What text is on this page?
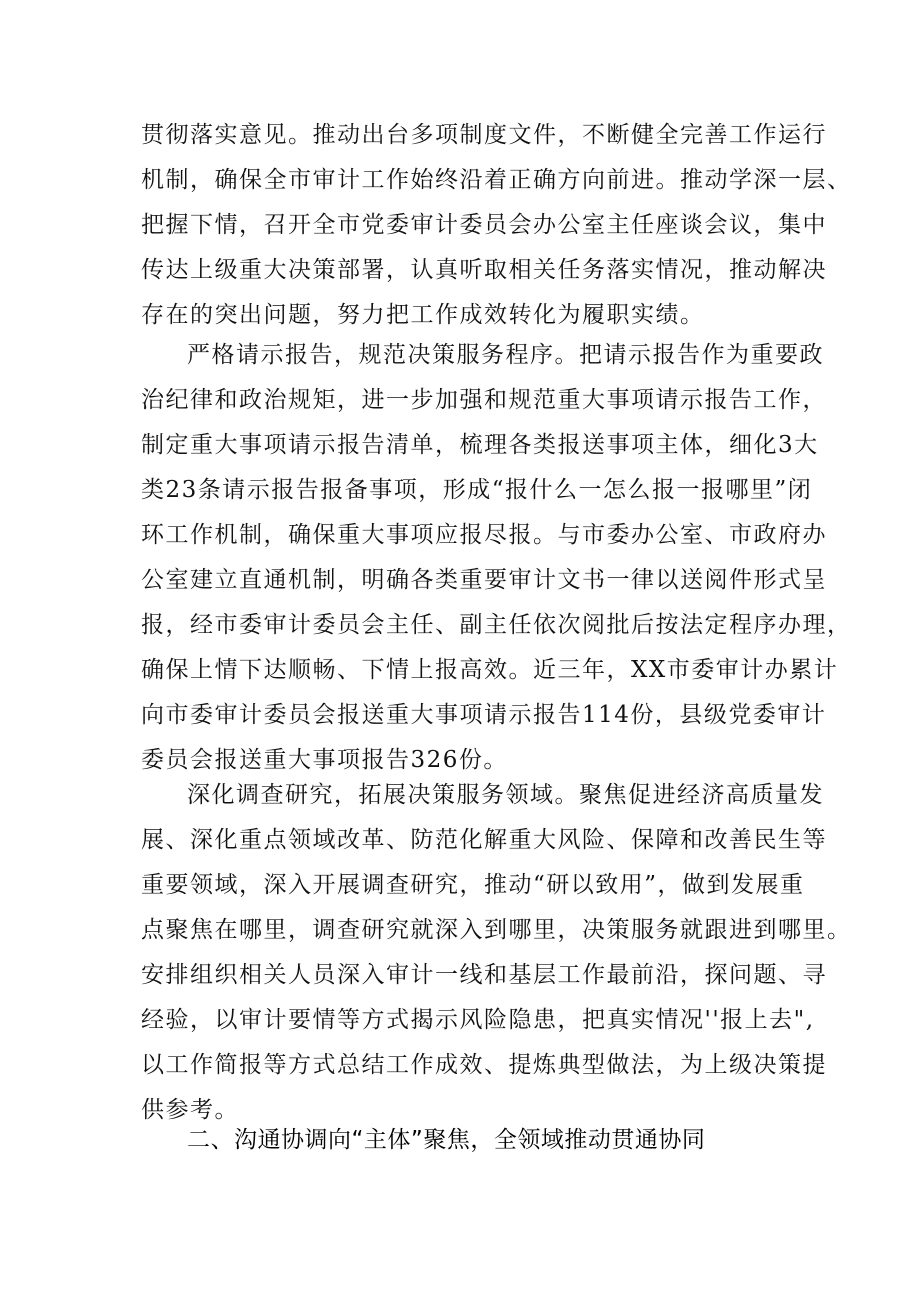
贯彻落实意见。推动出台多项制度文件，不断健全完善工作运行
机制，确保全市审计工作始终沿着正确方向前进。推动学深一层、
把握下情，召开全市党委审计委员会办公室主任座谈会议，集中
传达上级重大决策部署，认真听取相关任务落实情况，推动解决
存在的突出问题，努力把工作成效转化为履职实绩。
严格请示报告，规范决策服务程序。把请示报告作为重要政
治纪律和政治规矩，进一步加强和规范重大事项请示报告工作，
制定重大事项请示报告清单，梳理各类报送事项主体，细化3大
类23条请示报告报备事项，形成“报什么一怎么报一报哪里”闭
环工作机制，确保重大事项应报尽报。与市委办公室、市政府办
公室建立直通机制，明确各类重要审计文书一律以送阅件形式呈
报，经市委审计委员会主任、副主任依次阅批后按法定程序办理，
确保上情下达顺畅、下情上报高效。近三年，XX市委审计办累计
向市委审计委员会报送重大事项请示报告114份，县级党委审计
委员会报送重大事项报告326份。
深化调查研究，拓展决策服务领域。聚焦促进经济高质量发
展、深化重点领域改革、防范化解重大风险、保障和改善民生等
重要领域，深入开展调查研究，推动“研以致用”，做到发展重
点聚焦在哪里，调查研究就深入到哪里，决策服务就跟进到哪里。
安排组织相关人员深入审计一线和基层工作最前沿，探问题、寻
经验，以审计要情等方式揭示风险隐患，把真实情况''报上去",
以工作简报等方式总结工作成效、提炼典型做法，为上级决策提
供参考。
二、沟通协调向“主体”聚焦，全领域推动贯通协同
